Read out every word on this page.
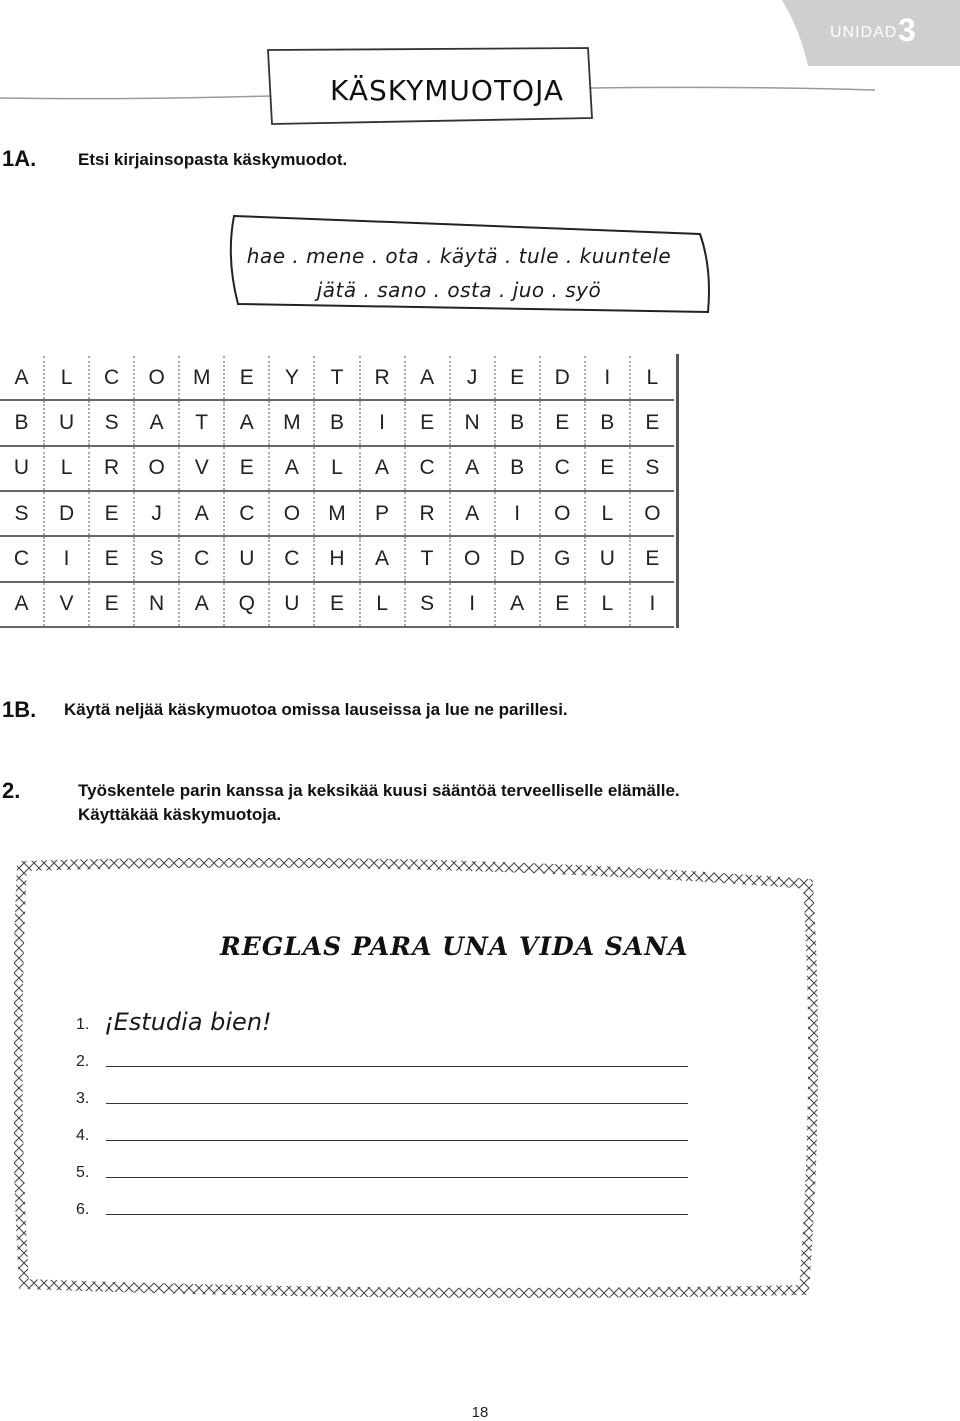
UNIDAD 3
KÄSKYMUOTOJA
1A. Etsi kirjainsopasta käskymuodot.
hae . mene . ota . käytä . tule . kuuntele
jätä . sano . osta . juo . syö
A	L	C	O	M	E	Y	T	R	A	J	E	D	I	L
B	U	S	A	T	A	M	B	I	E	N	B	E	B	E
U	L	R	O	V	E	A	L	A	C	A	B	C	E	S
S	D	E	J	A	C	O	M	P	R	A	I	O	L	O
C	I	E	S	C	U	C	H	A	T	O	D	G	U	E
A	V	E	N	A	Q	U	E	L	S	I	A	E	L	I
1B. Käytä neljää käskymuotoa omissa lauseissa ja lue ne parillesi.
2.	Työskentele parin kanssa ja keksikää kuusi sääntöä terveelliselle elämälle.
Käyttäkää käskymuotoja.
REGLAS PARA UNA VIDA SANA
1. ¡Estudia bien!
2.
3.
4.
5.
6.
18
